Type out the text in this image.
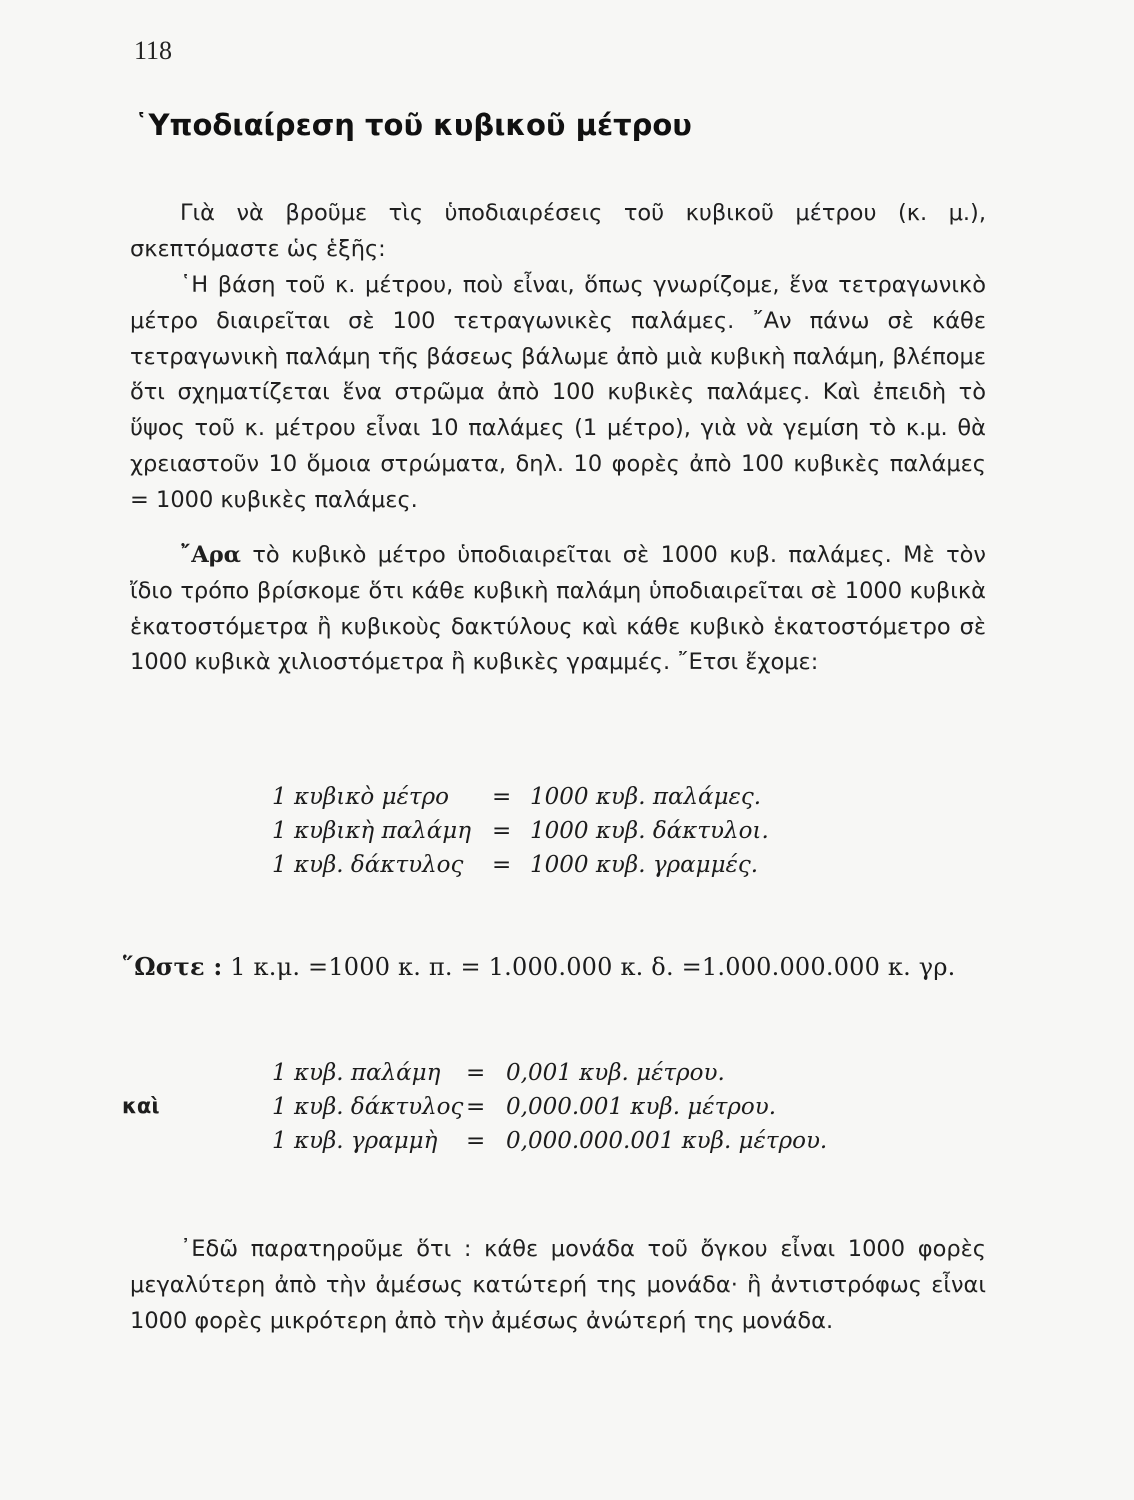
118
῾Υποδιαίρεση τοῦ κυβικοῦ μέτρου

Γιὰ νὰ βροῦμε τὶς ὑποδιαιρέσεις τοῦ κυβικοῦ μέτρου (κ. μ.), σκεπτόμαστε ὡς ἑξῆς:

῾Η βάση τοῦ κ. μέτρου, ποὺ εἶναι, ὅπως γνωρίζομε, ἕνα τετραγωνικὸ μέτρο διαιρεῖται σὲ 100 τετραγωνικὲς παλάμες. ῎Αν πάνω σὲ κάθε τετραγωνικὴ παλάμη τῆς βάσεως βάλωμε ἀπὸ μιὰ κυβικὴ παλάμη, βλέπομε ὅτι σχηματίζεται ἕνα στρῶμα ἀπὸ 100 κυβικὲς παλάμες. Καὶ ἐπειδὴ τὸ ὕψος τοῦ κ. μέτρου εἶναι 10 παλάμες (1 μέτρο), γιὰ νὰ γεμίση τὸ κ.μ. θὰ χρειαστοῦν 10 ὅμοια στρώματα, δηλ. 10 φορὲς ἀπὸ 100 κυβικὲς παλάμες = 1000 κυβικὲς παλάμες.

῎Αρα τὸ κυβικὸ μέτρο ὑποδιαιρεῖται σὲ 1000 κυβ. παλάμες. Μὲ τὸν ἴδιο τρόπο βρίσκομε ὅτι κάθε κυβικὴ παλάμη ὑποδιαιρεῖται σὲ 1000 κυβικὰ ἑκατοστόμετρα ἢ κυβικοὺς δακτύλους καὶ κάθε κυβικὸ ἑκατοστόμετρο σὲ 1000 κυβικὰ χιλιοστόμετρα ἢ κυβικὲς γραμμές. ῎Ετσι ἔχομε:

1 κυβικὸ μέτρο = 1000 κυβ. παλάμες.
1 κυβικὴ παλάμη = 1000 κυβ. δάκτυλοι.
1 κυβ. δάκτυλος = 1000 κυβ. γραμμές.
῞Ωστε : 1 κ.μ. =1000 κ. π. = 1.000.000 κ. δ. =1.000.000.000 κ. γρ.
καὶ
1 κυβ. παλάμη = 0,001 κυβ. μέτρου.
1 κυβ. δάκτυλος = 0,000.001 κυβ. μέτρου.
1 κυβ. γραμμὴ = 0,000.000.001 κυβ. μέτρου.

᾿Εδῶ παρατηροῦμε ὅτι : κάθε μονάδα τοῦ ὄγκου εἶναι 1000 φορὲς μεγαλύτερη ἀπὸ τὴν ἀμέσως κατώτερή της μονάδα· ἢ ἀντιστρόφως εἶναι 1000 φορὲς μικρότερη ἀπὸ τὴν ἀμέσως ἀνώτερή της μονάδα.
